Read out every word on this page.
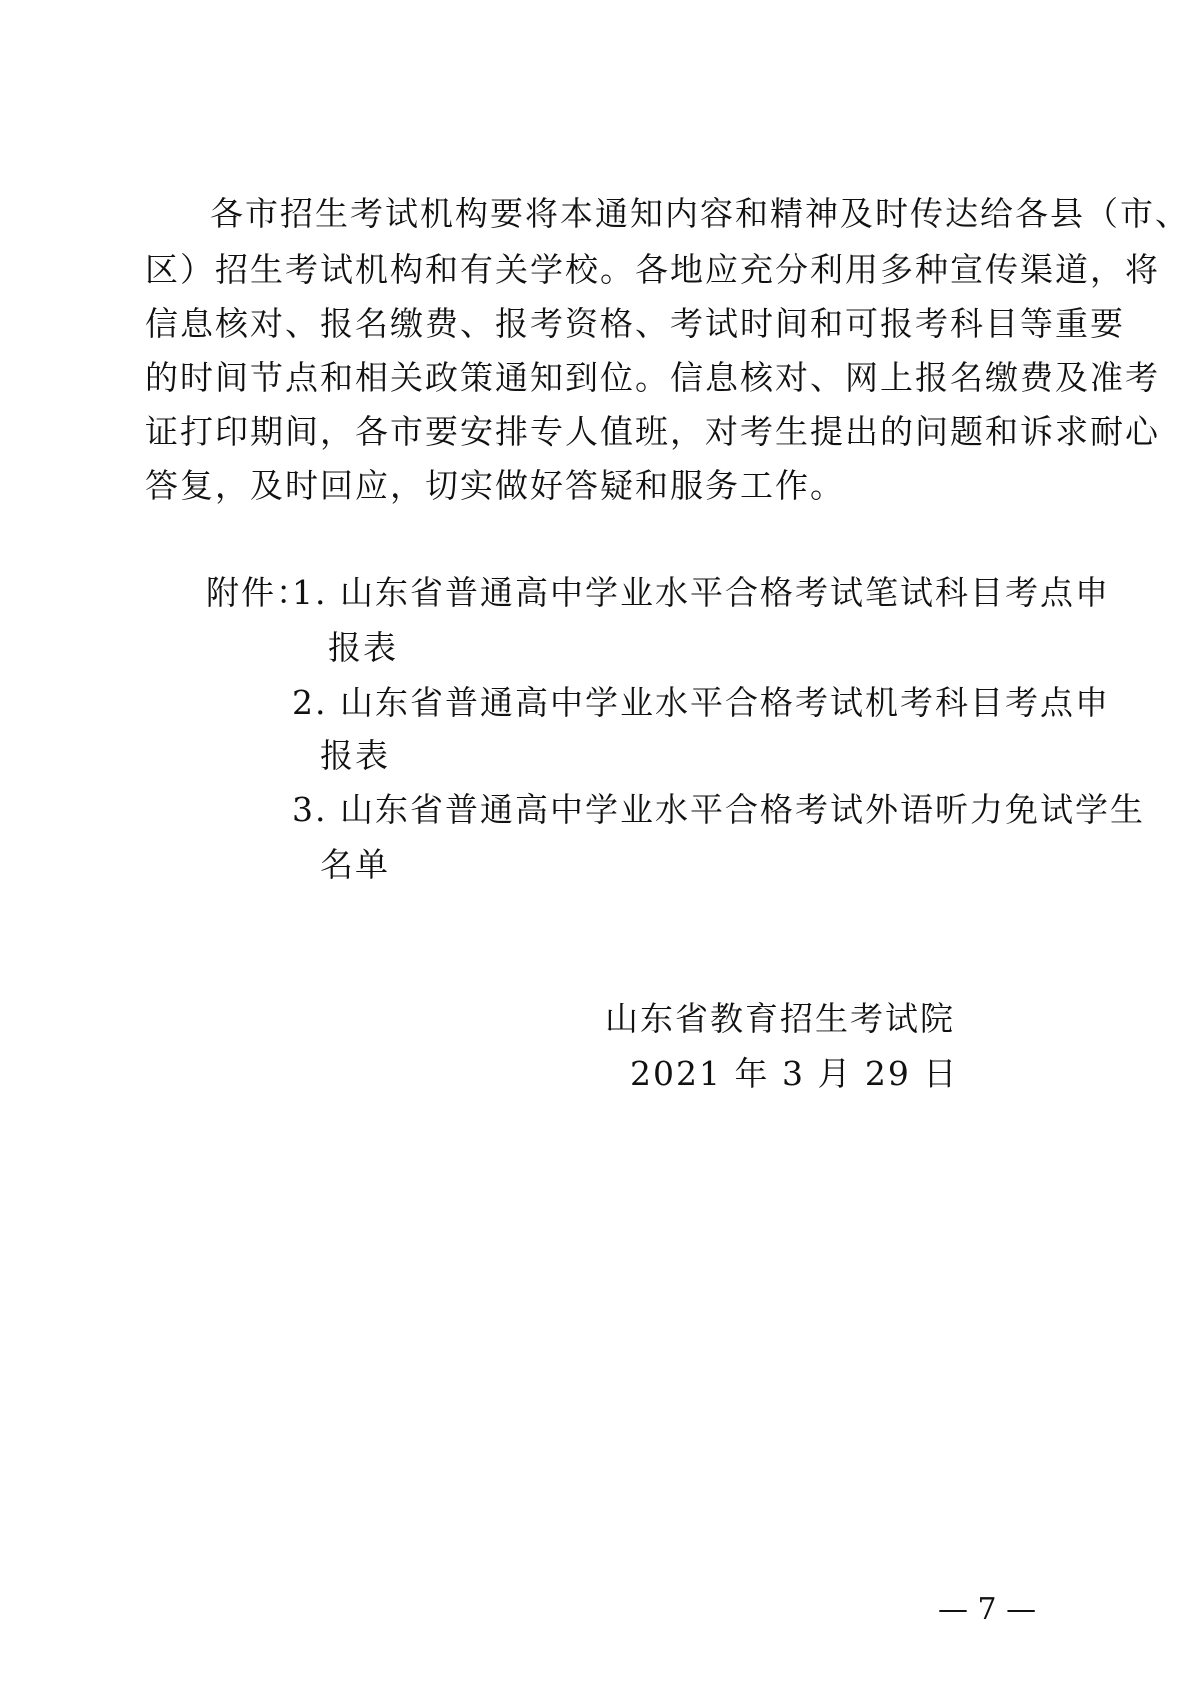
各市招生考试机构要将本通知内容和精神及时传达给各县（市、
区）招生考试机构和有关学校。各地应充分利用多种宣传渠道，将
信息核对、报名缴费、报考资格、考试时间和可报考科目等重要
的时间节点和相关政策通知到位。信息核对、网上报名缴费及准考
证打印期间，各市要安排专人值班，对考生提出的问题和诉求耐心
答复，及时回应，切实做好答疑和服务工作。
附件：
1. 山东省普通高中学业水平合格考试笔试科目考点申
报表
2. 山东省普通高中学业水平合格考试机考科目考点申
报表
3. 山东省普通高中学业水平合格考试外语听力免试学生
名单
山东省教育招生考试院
2021 年 3 月 29 日
— 7 —
